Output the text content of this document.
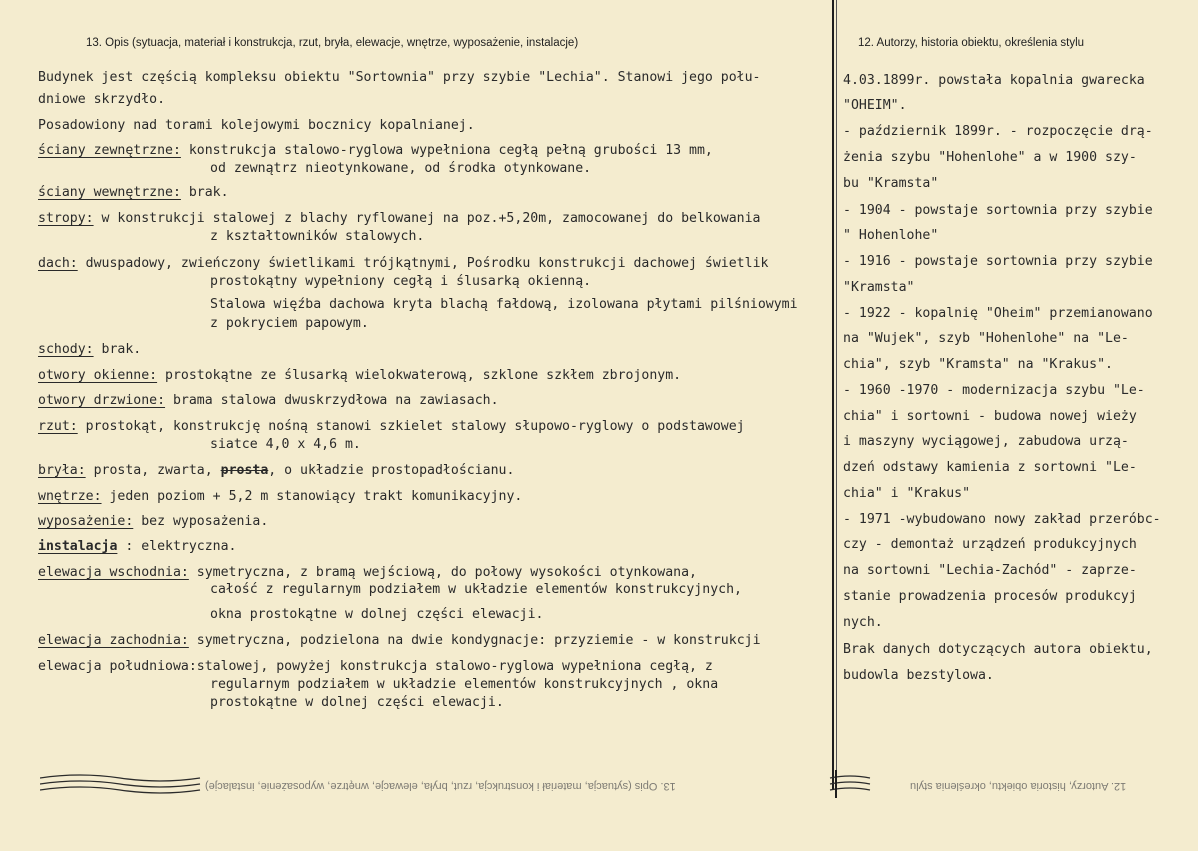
13. Opis (sytuacja, materiał i konstrukcja, rzut, bryła, elewacje, wnętrze, wyposażenie, instalacje)	12. Autorzy, historia obiektu, określenia stylu
Budynek jest częścią kompleksu obiektu "Sortownia" przy szybie "Lechia". Stanowi jego połu-
dniowe skrzydło.
Posadowiony nad torami kolejowymi bocznicy kopalnianej.
ściany zewnętrzne: konstrukcja stalowo-ryglowa wypełniona cegłą pełną grubości 13 mm,
od zewnątrz nieotynkowane, od środka otynkowane.
ściany wewnętrzne: brak.
stropy: w konstrukcji stalowej z blachy ryflowanej na poz.+5,20m, zamocowanej do belkowania
z kształtowników stalowych.
dach: dwuspadowy, zwieńczony świetlikami trójkątnymi, Pośrodku konstrukcji dachowej świetlik
prostokątny wypełniony cegłą i ślusarką okienną.
Stalowa więźba dachowa kryta blachą fałdową, izolowana płytami pilśniowymi
z pokryciem papowym.
schody: brak.
otwory okienne: prostokątne ze ślusarką wielokwaterową, szklone szkłem zbrojonym.
otwory drzwione: brama stalowa dwuskrzydłowa na zawiasach.
rzut: prostokąt, konstrukcję nośną stanowi szkielet stalowy słupowo-ryglowy o podstawowej
siatce 4,0 x 4,6 m.
bryła: prosta, zwarta, prosta, o układzie prostopadłościanu.
wnętrze: jeden poziom + 5,2 m stanowiący trakt komunikacyjny.
wyposażenie: bez wyposażenia.
instalacja : elektryczna.
elewacja wschodnia: symetryczna, z bramą wejściową, do połowy wysokości otynkowana,
całość z regularnym podziałem w układzie elementów konstrukcyjnych,
okna prostokątne w dolnej części elewacji.
elewacja zachodnia: symetryczna, podzielona na dwie kondygnacje: przyziemie - w konstrukcji
elewacja południowa:stalowej, powyżej konstrukcja stalowo-ryglowa wypełniona cegłą, z
regularnym podziałem w układzie elementów konstrukcyjnych , okna
prostokątne w dolnej części elewacji.
4.03.1899r. powstała kopalnia gwarecka
"OHEIM".
- październik 1899r. - rozpoczęcie drą-
żenia szybu "Hohenlohe" a w 1900 szy-
bu "Kramsta"
- 1904 - powstaje sortownia przy szybie
" Hohenlohe"
- 1916 - powstaje sortownia przy szybie
"Kramsta"
- 1922 - kopalnię "Oheim" przemianowano
na "Wujek", szyb "Hohenlohe" na "Le-
chia", szyb "Kramsta" na "Krakus".
- 1960 -1970 - modernizacja szybu "Le-
chia" i sortowni - budowa nowej wieży
i maszyny wyciągowej, zabudowa urzą-
dzeń odstawy kamienia z sortowni "Le-
chia" i "Krakus"
- 1971 -wybudowano nowy zakład przeróbc-
czy - demontaż urządzeń produkcyjnych
na sortowni "Lechia-Zachód" - zaprze-
stanie prowadzenia procesów produkcyj
nych.
Brak danych dotyczących autora obiektu,
budowla bezstylowa.
13. Opis (sytuacja, materiał i konstrukcja, rzut, bryła, elewacje, wnętrze, wyposażenie, instalacje)	12. Autorzy, historia obiektu, określenia stylu
